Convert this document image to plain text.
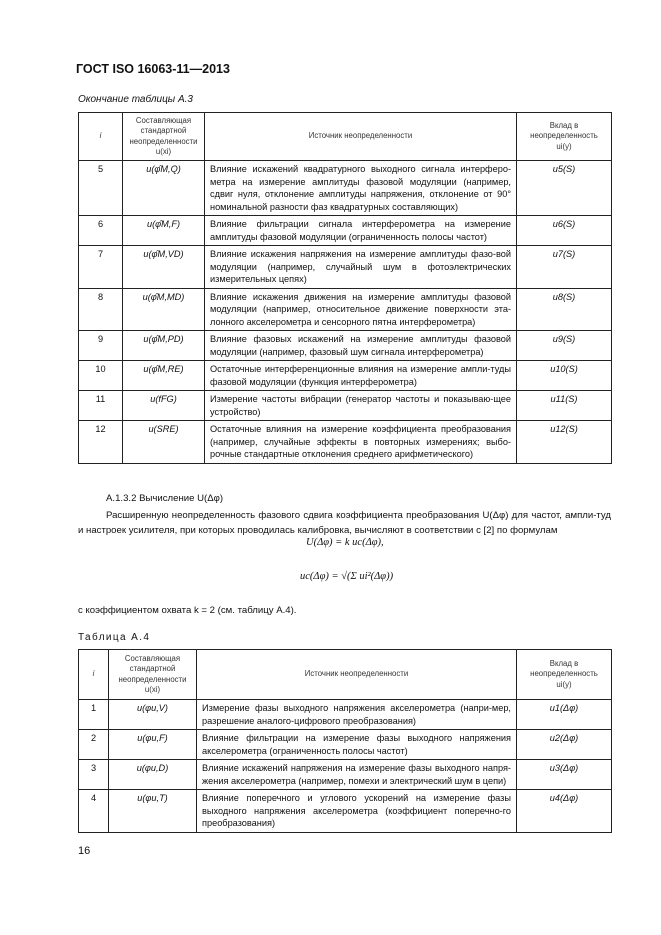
ГОСТ ISO 16063-11—2013
Окончание таблицы А.3
i	Составляющая стандартной неопределенности u(xi)	Источник неопределенности	Вклад в неопределенность ui(y)
5	u(φ̂M,Q)	Влияние искажений квадратурного выходного сигнала интерферо-метра на измерение амплитуды фазовой модуляции (например, сдвиг нуля, отклонение амплитуды напряжения, отклонение от 90° номинальной разности фаз квадратурных составляющих)	u5(S)
6	u(φ̂M,F)	Влияние фильтрации сигнала интерферометра на измерение амплитуды фазовой модуляции (ограниченность полосы частот)	u6(S)
7	u(φ̂M,VD)	Влияние искажения напряжения на измерение амплитуды фазо-вой модуляции (например, случайный шум в фотоэлектрических измерительных цепях)	u7(S)
8	u(φ̂M,MD)	Влияние искажения движения на измерение амплитуды фазовой модуляции (например, относительное движение поверхности эта-лонного акселерометра и сенсорного пятна интерферометра)	u8(S)
9	u(φ̂M,PD)	Влияние фазовых искажений на измерение амплитуды фазовой модуляции (например, фазовый шум сигнала интерферометра)	u9(S)
10	u(φ̂M,RE)	Остаточные интерференционные влияния на измерение ампли-туды фазовой модуляции (функция интерферометра)	u10(S)
11	u(fFG)	Измерение частоты вибрации (генератор частоты и показываю-щее устройство)	u11(S)
12	u(SRE)	Остаточные влияния на измерение коэффициента преобразования (например, случайные эффекты в повторных измерениях; выбо-рочные стандартные отклонения среднего арифметического)	u12(S)
А.1.3.2 Вычисление U(Δφ)
Расширенную неопределенность фазового сдвига коэффициента преобразования U(Δφ) для частот, ампли-туд и настроек усилителя, при которых проводилась калибровка, вычисляют в соответствии с [2] по формулам
U(Δφ) = k uc(Δφ),
uc(Δφ) = √(Σ ui²(Δφ))
с коэффициентом охвата k = 2 (см. таблицу А.4).
Таблица А.4
i	Составляющая стандартной неопределенности u(xi)	Источник неопределенности	Вклад в неопределенность ui(y)
1	u(φu,V)	Измерение фазы выходного напряжения акселерометра (напри-мер, разрешение аналого-цифрового преобразования)	u1(Δφ)
2	u(φu,F)	Влияние фильтрации на измерение фазы выходного напряжения акселерометра (ограниченность полосы частот)	u2(Δφ)
3	u(φu,D)	Влияние искажений напряжения на измерение фазы выходного напря-жения акселерометра (например, помехи и электрический шум в цепи)	u3(Δφ)
4	u(φu,T)	Влияние поперечного и углового ускорений на измерение фазы выходного напряжения акселерометра (коэффициент поперечно-го преобразования)	u4(Δφ)
16
